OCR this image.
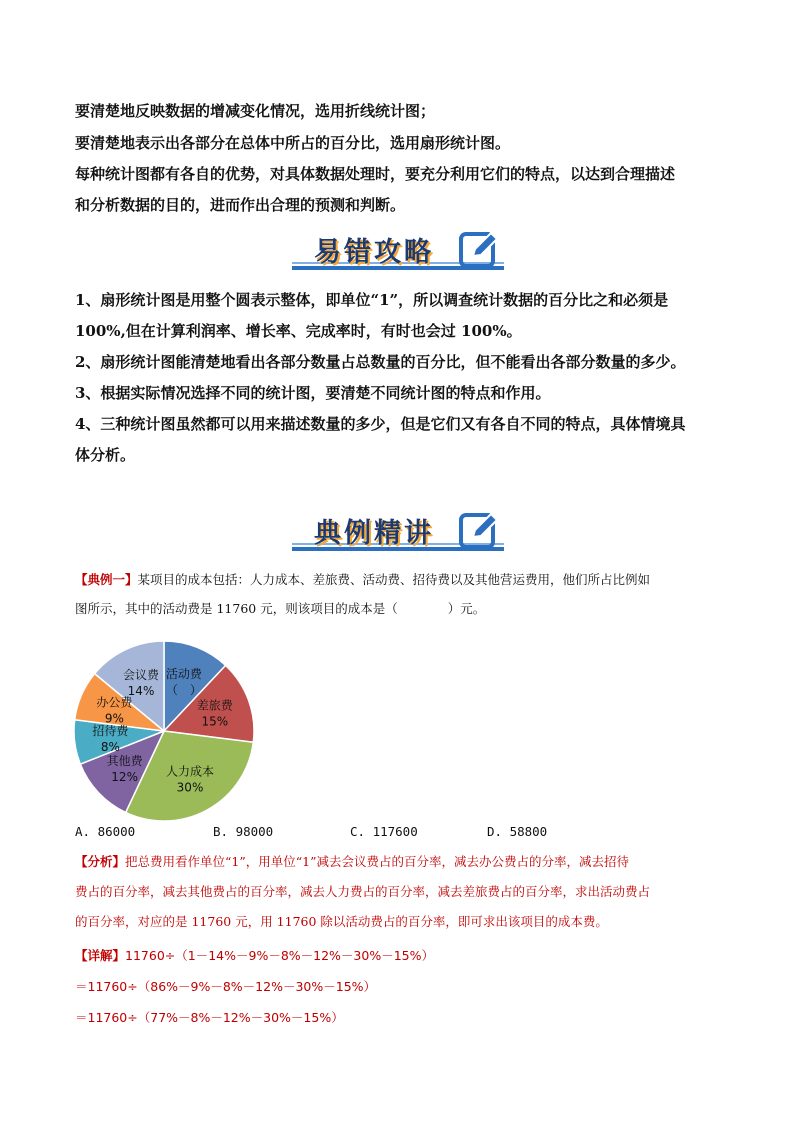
要清楚地反映数据的增减变化情况，选用折线统计图；
要清楚地表示出各部分在总体中所占的百分比，选用扇形统计图。
每种统计图都有各自的优势，对具体数据处理时，要充分利用它们的特点，以达到合理描述
和分析数据的目的，进而作出合理的预测和判断。
易错攻略
1、扇形统计图是用整个圆表示整体，即单位“1”，所以调查统计数据的百分比之和必须是
100%,但在计算利润率、增长率、完成率时，有时也会过 100%。
2、扇形统计图能清楚地看出各部分数量占总数量的百分比，但不能看出各部分数量的多少。
3、根据实际情况选择不同的统计图，要清楚不同统计图的特点和作用。
4、三种统计图虽然都可以用来描述数量的多少，但是它们又有各自不同的特点，具体情境具
体分析。
典例精讲
【典例一】某项目的成本包括：人力成本、差旅费、活动费、招待费以及其他营运费用，他们所占比例如
图所示，其中的活动费是 11760 元，则该项目的成本是（　　　　）元。
活动费
（　）
差旅费
15%
人力成本
30%
其他费
12%
招待费
8%
办公费
9%
会议费
14%
A. 86000	B. 98000	C. 117600	D. 58800
【分析】把总费用看作单位“1”，用单位“1”减去会议费占的百分率，减去办公费占的分率，减去招待
费占的百分率，减去其他费占的百分率，减去人力费占的百分率，减去差旅费占的百分率，求出活动费占
的百分率，对应的是 11760 元，用 11760 除以活动费占的百分率，即可求出该项目的成本费。
【详解】11760÷（1－14%－9%－8%－12%－30%－15%）
＝11760÷（86%－9%－8%－12%－30%－15%）
＝11760÷（77%－8%－12%－30%－15%）
